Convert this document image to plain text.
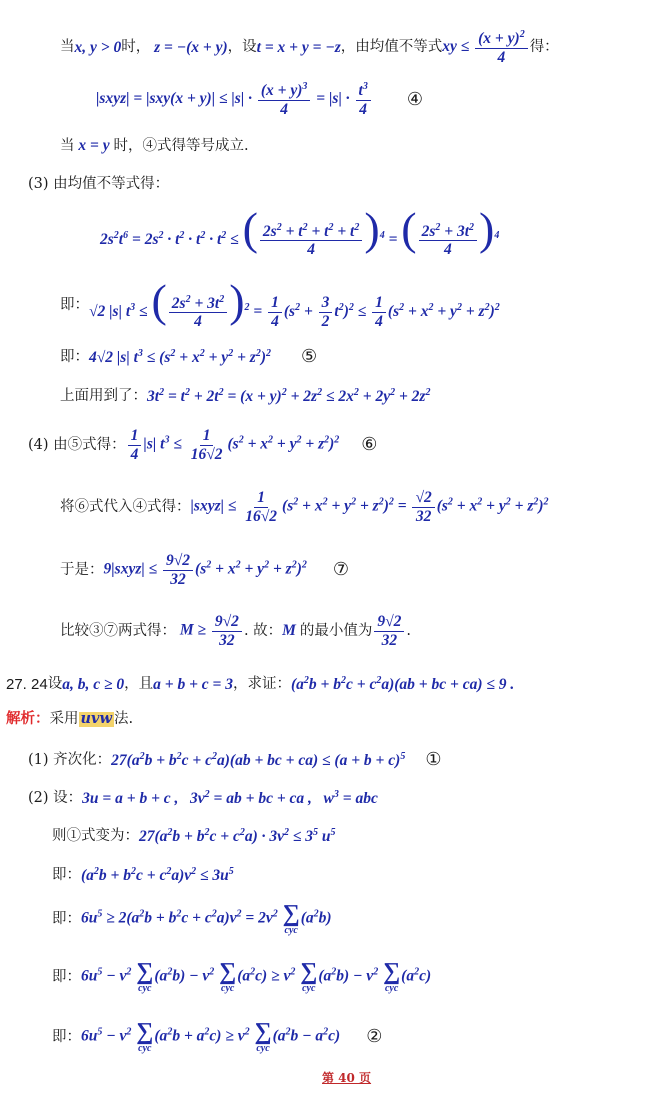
当 x, y > 0 时， z = −(x + y) ，设 t = x + y = −z ，由均值不等式 xy ≤ $\frac{(x + y)^2}{4}$ 得：
|sxyz| = $|sxy(x + y)| \le |s| \cdot \frac{(x + y)^3}{4} = |s| \cdot \frac{t^3}{4}$ ④
当 x = y 时，④式得等号成立.
(3) 由均值不等式得：
$2s^2t^6 = 2s^2 \cdot t^2 \cdot t^2 \cdot t^2$ ≤ ( $\frac{2s^2 + t^2 + t^2 + t^2}{4} )^4$ = ( $\frac{2s^2 + 3t^2}{4} )^4$
即： √2 |s| $t^3$ ≤ ( $\frac{2s^2 + 3t^2}{4} )^2 = \frac{1}{4} (s^2 + \frac{3}{2} t^2)^2 \le \frac{1}{4} (s^2 + x^2 + y^2 + z^2)^2$
即： 4√2 |s| $t^3 \le (s^2 + x^2 + y^2 + z^2)^2$ ⑤
上面用到了： $3t^2 = t^2 + 2t^2 = (x + y)^2 + 2z^2 \le 2x^2 + 2y^2 + 2z^2$
(4) 由⑤式得： $\frac{1}{4} |s|$ $t^3 \le \frac{1}{16√2} (s^2 + x^2 + y^2 + z^2)^2$ ⑥
将⑥式代入④式得： |sxyz| ≤ $\frac{1}{16√2} (s^2 + x^2 + y^2 + z^2)^2 = \frac{√2}{32} (s^2 + x^2 + y^2 + z^2)^2$
于是： 9|sxyz| ≤ $\frac{9√2}{32} (s^2 + x^2 + y^2 + z^2)^2$ ⑦
比较③⑦两式得： $M \ge \frac{9√2}{32}$ . 故： M 的最小值为 $\frac{9√2}{32}$ .
27. 24 设 a, b, c ≥ 0 ，且 a + b + c = 3 ，求证： $(a^2b + b^2c + c^2a)(ab$ + bc + ca) ≤ 9 .
解析： 采用 uvw 法.
(1) 齐次化： $27(a^2b + b^2c + c^2a)(ab$ + bc + $ca) \le (a + b + c)^5$ ①
(2) 设： 3u = a + b + c ,   $3v^2$ = ab + bc + ca ,   $w^3$ = abc
则①式变为： $27(a^2b + b^2c + c^2a) \cdot 3v^2 \le 3^5$ $u^5$
即： $(a^2b + b^2c + c^2a)v^2 \le 3u^5$
即： $6u^5 \ge 2(a^2b + b^2c + c^2a)v^2 = 2v^2$ ∑
cyc
$(a^2b)$
即： $6u^5 - v^2$ ∑
cyc
$(a^2b) - v^2$ ∑
cyc
$(a^2c) \ge v^2$ ∑
cyc
$(a^2b) - v^2$ ∑
cyc
$(a^2c)$
即： $6u^5 - v^2$ ∑
cyc
$(a^2b + a^2c) \ge v^2$ ∑
cyc
$(a^2b - a^2c)$ ②
第 40 页
